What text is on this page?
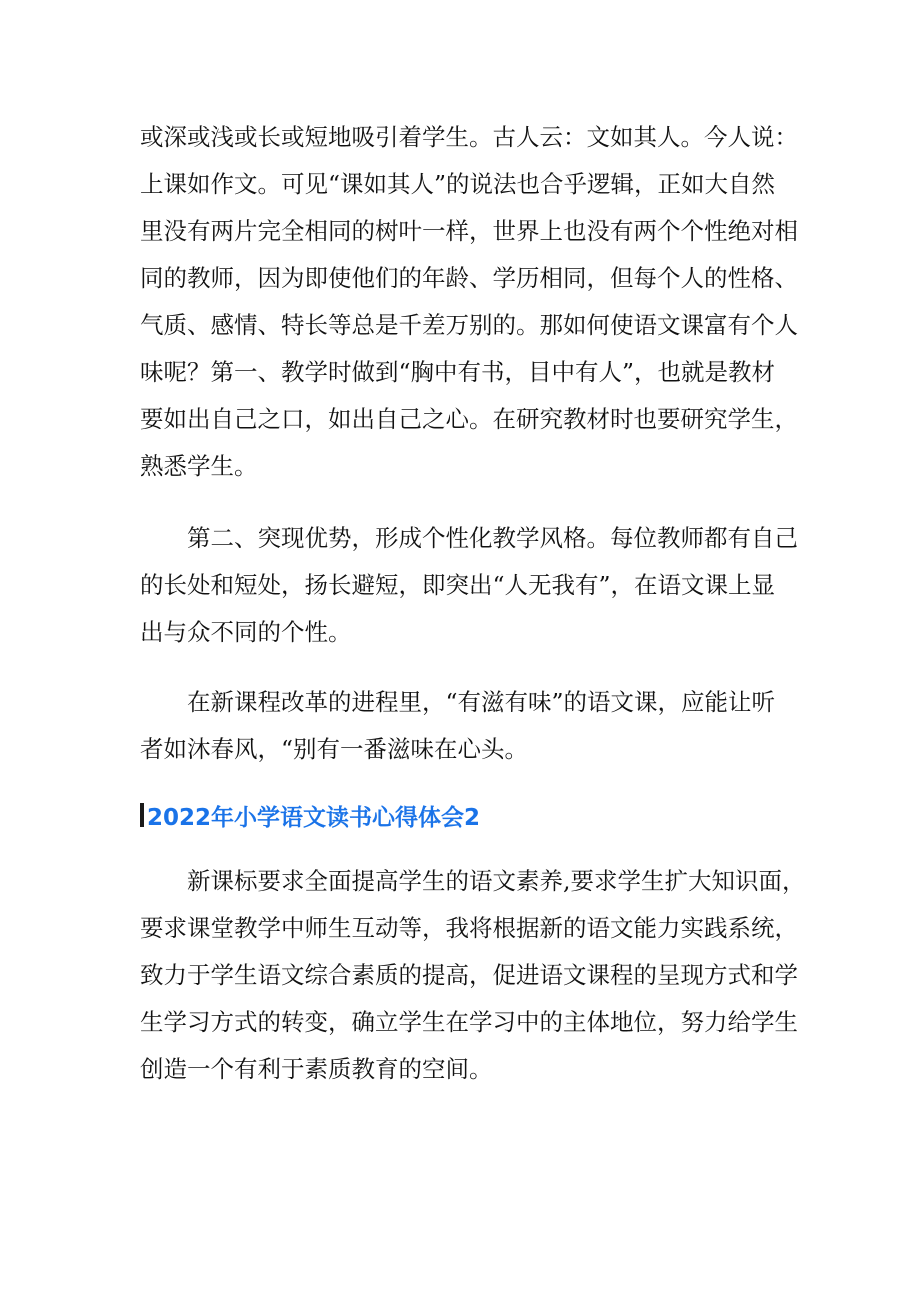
或深或浅或长或短地吸引着学生。古人云：文如其人。今人说：
上课如作文。可见“课如其人”的说法也合乎逻辑，正如大自然
里没有两片完全相同的树叶一样，世界上也没有两个个性绝对相
同的教师，因为即使他们的年龄、学历相同，但每个人的性格、
气质、感情、特长等总是千差万别的。那如何使语文课富有个人
味呢？第一、教学时做到“胸中有书，目中有人”，也就是教材
要如出自己之口，如出自己之心。在研究教材时也要研究学生，
熟悉学生。
第二、突现优势，形成个性化教学风格。每位教师都有自己
的长处和短处，扬长避短，即突出“人无我有”，在语文课上显
出与众不同的个性。
在新课程改革的进程里，“有滋有味”的语文课，应能让听
者如沐春风，“别有一番滋味在心头。
2022年小学语文读书心得体会2
新课标要求全面提高学生的语文素养,要求学生扩大知识面，
要求课堂教学中师生互动等，我将根据新的语文能力实践系统，
致力于学生语文综合素质的提高，促进语文课程的呈现方式和学
生学习方式的转变，确立学生在学习中的主体地位，努力给学生
创造一个有利于素质教育的空间。
